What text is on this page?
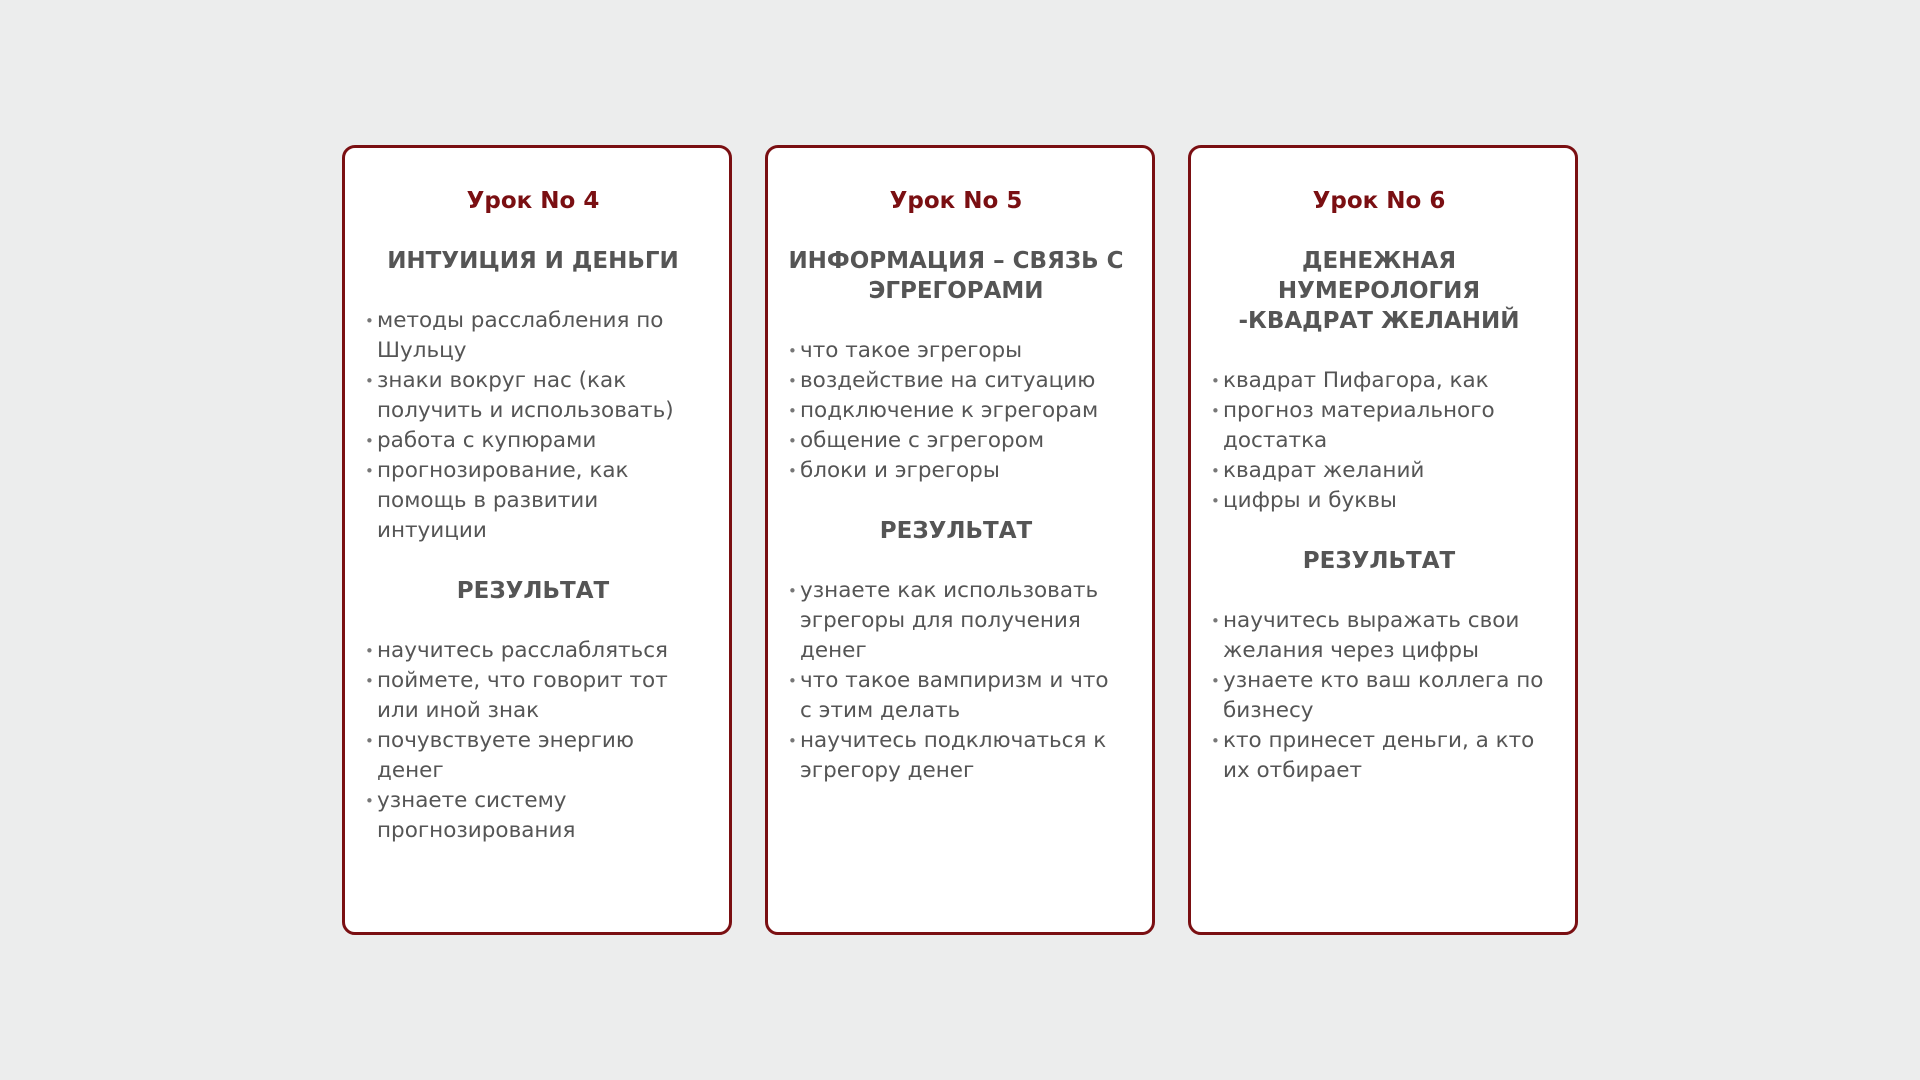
Урок No 4
ИНТУИЦИЯ И ДЕНЬГИ
• методы расслабления по Шульцу
• знаки вокруг нас (как получить и использовать)
• работа с купюрами
• прогнозирование, как помощь в развитии интуиции
РЕЗУЛЬТАТ
• научитесь расслабляться
• поймете, что говорит тот или иной знак
• почувствуете энергию денег
• узнаете систему прогнозирования
Урок No 5
ИНФОРМАЦИЯ – СВЯЗЬ С ЭГРЕГОРАМИ
• что такое эгрегоры
• воздействие на ситуацию
• подключение к эгрегорам
• общение с эгрегором
• блоки и эгрегоры
РЕЗУЛЬТАТ
• узнаете как использовать эгрегоры для получения денег
• что такое вампиризм и что с этим делать
• научитесь подключаться к эгрегору денег
Урок No 6
ДЕНЕЖНАЯ НУМЕРОЛОГИЯ -КВАДРАТ ЖЕЛАНИЙ
• квадрат Пифагора, как
• прогноз материального достатка
• квадрат желаний
• цифры и буквы
РЕЗУЛЬТАТ
• научитесь выражать свои желания через цифры
• узнаете кто ваш коллега по бизнесу
• кто принесет деньги, а кто их отбирает
